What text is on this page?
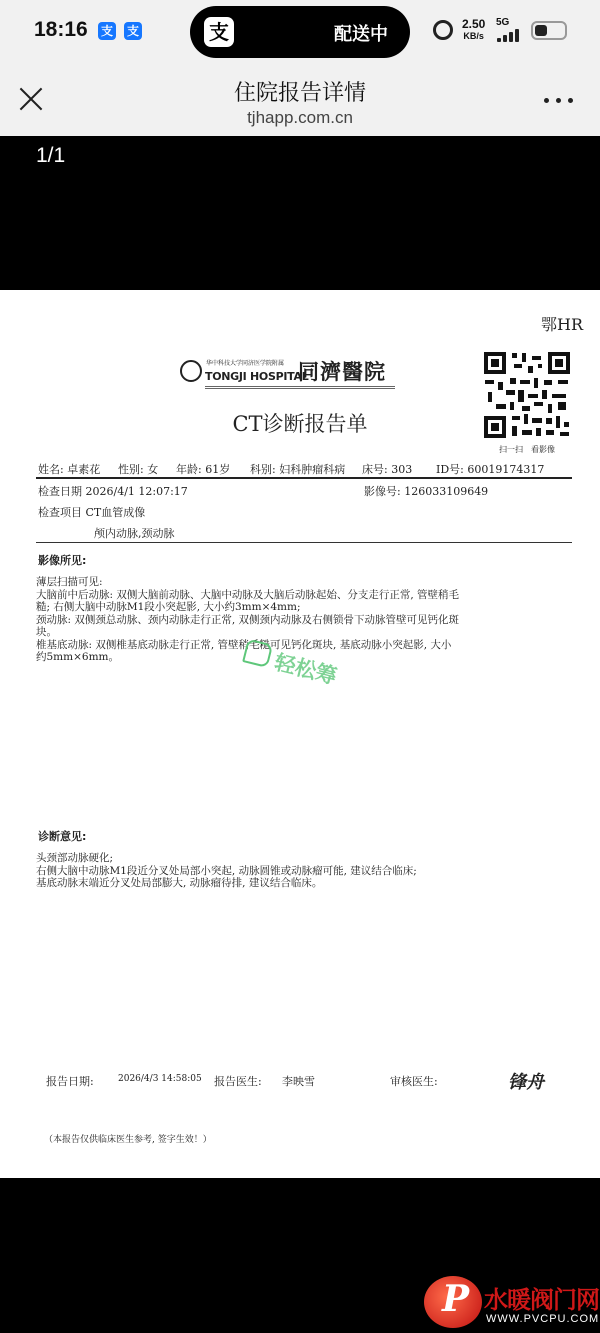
18:16 支 支	支	配送中	2.50
KB/s
5G
住院报告详情
tjhapp.com.cn
1/1
鄂HR
华中科技大学同济医学院附属
TONGJI HOSPITAL
同濟醫院
CT诊断报告单
扫一扫　看影像
姓名: 卓素花 性别: 女 年龄: 61岁 科别: 妇科肿瘤科病 床号: 303 ID号: 60019174317
检查日期 2026/4/1 12:07:17	影像号: 126033109649
检查项目 CT血管成像
颅内动脉,颈动脉
影像所见:
薄层扫描可见:
大脑前中后动脉: 双侧大脑前动脉、大脑中动脉及大脑后动脉起始、分支走行正常, 管壁稍毛
糙; 右侧大脑中动脉M1段小突起影, 大小约3mm×4mm;
颈动脉: 双侧颈总动脉、颈内动脉走行正常, 双侧颈内动脉及右侧锁骨下动脉管壁可见钙化斑
块。
椎基底动脉: 双侧椎基底动脉走行正常, 管壁稍毛糙可见钙化斑块, 基底动脉小突起影, 大小
约5mm×6mm。	轻松筹
诊断意见:
头颈部动脉硬化;
右侧大脑中动脉M1段近分叉处局部小突起, 动脉圆锥或动脉瘤可能, 建议结合临床;
基底动脉末端近分叉处局部膨大, 动脉瘤待排, 建议结合临床。
报告日期:	2026/4/3 14:58:05 报告医生: 李映雪	审核医生:	锋舟
（本报告仅供临床医生参考, 签字生效！）
P 水暖阀门网
WWW.PVCPU.COM
